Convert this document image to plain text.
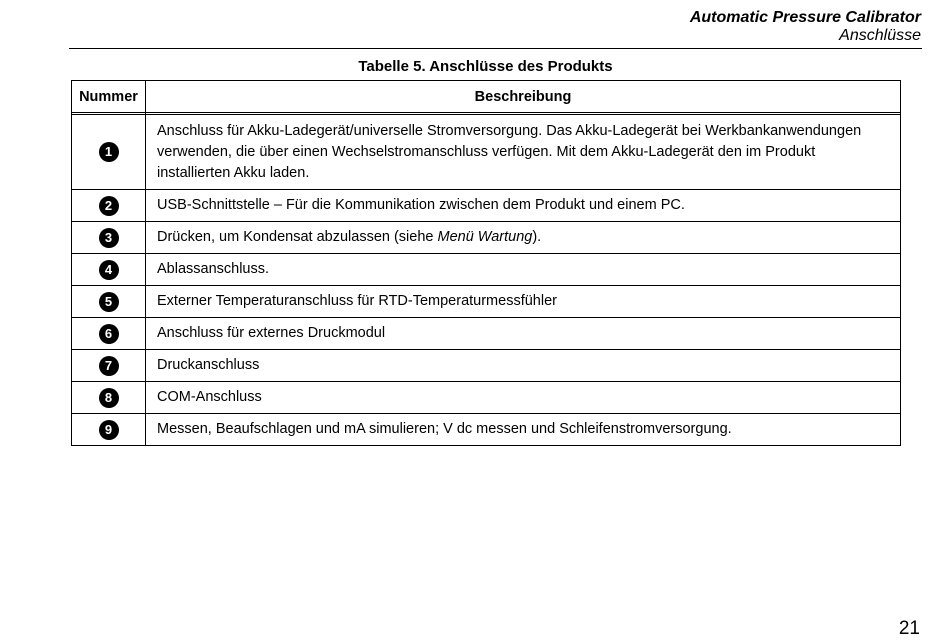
Automatic Pressure Calibrator
Anschlüsse
Tabelle 5. Anschlüsse des Produkts
Nummer	Beschreibung

1	Anschluss für Akku-Ladegerät/universelle Stromversorgung. Das Akku-Ladegerät bei Werkbankanwendungen verwenden, die über einen Wechselstromanschluss verfügen. Mit dem Akku-Ladegerät den im Produkt installierten Akku laden.
2	USB-Schnittstelle – Für die Kommunikation zwischen dem Produkt und einem PC.
3	Drücken, um Kondensat abzulassen (siehe Menü Wartung).
4	Ablassanschluss.
5	Externer Temperaturanschluss für RTD-Temperaturmessfühler
6	Anschluss für externes Druckmodul
7	Druckanschluss
8	COM-Anschluss
9	Messen, Beaufschlagen und mA simulieren; V dc messen und Schleifenstromversorgung.
21
